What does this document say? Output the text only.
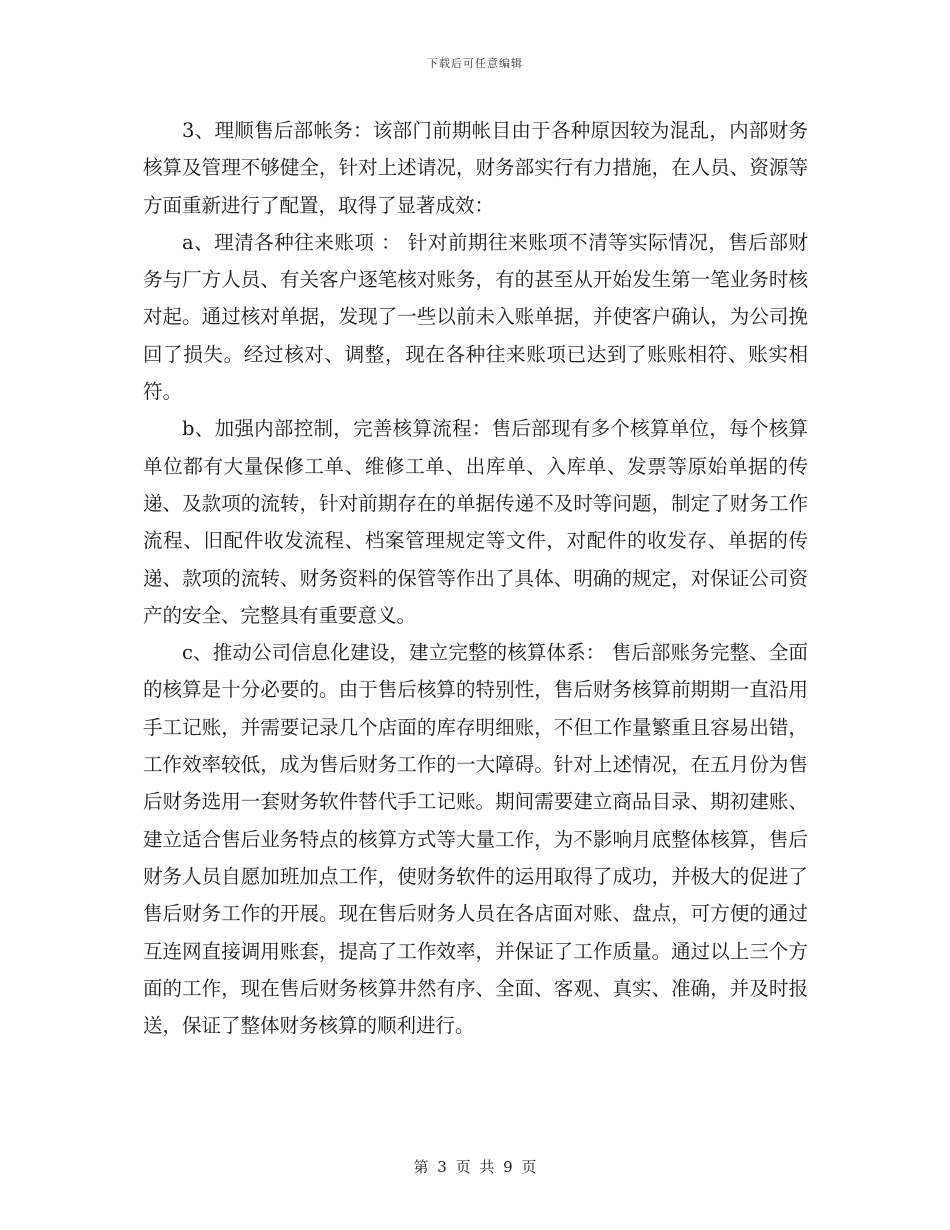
下载后可任意编辑

3、理顺售后部帐务：该部门前期帐目由于各种原因较为混乱，内部财务核算及管理不够健全，针对上述请况，财务部实行有力措施，在人员、资源等方面重新进行了配置，取得了显著成效：

a、理清各种往来账项 ： 针对前期往来账项不清等实际情况，售后部财务与厂方人员、有关客户逐笔核对账务，有的甚至从开始发生第一笔业务时核对起。通过核对单据，发现了一些以前未入账单据，并使客户确认，为公司挽回了损失。经过核对、调整，现在各种往来账项已达到了账账相符、账实相符。

b、加强内部控制，完善核算流程：售后部现有多个核算单位，每个核算单位都有大量保修工单、维修工单、出库单、入库单、发票等原始单据的传递、及款项的流转，针对前期存在的单据传递不及时等问题，制定了财务工作流程、旧配件收发流程、档案管理规定等文件，对配件的收发存、单据的传递、款项的流转、财务资料的保管等作出了具体、明确的规定，对保证公司资产的安全、完整具有重要意义。

c、推动公司信息化建设，建立完整的核算体系： 售后部账务完整、全面的核算是十分必要的。由于售后核算的特别性，售后财务核算前期期一直沿用手工记账，并需要记录几个店面的库存明细账，不但工作量繁重且容易出错，工作效率较低，成为售后财务工作的一大障碍。针对上述情况，在五月份为售后财务选用一套财务软件替代手工记账。期间需要建立商品目录、期初建账、建立适合售后业务特点的核算方式等大量工作，为不影响月底整体核算，售后财务人员自愿加班加点工作，使财务软件的运用取得了成功，并极大的促进了售后财务工作的开展。现在售后财务人员在各店面对账、盘点，可方便的通过互连网直接调用账套，提高了工作效率，并保证了工作质量。通过以上三个方面的工作，现在售后财务核算井然有序、全面、客观、真实、准确，并及时报送，保证了整体财务核算的顺利进行。

第 3 页 共 9 页
